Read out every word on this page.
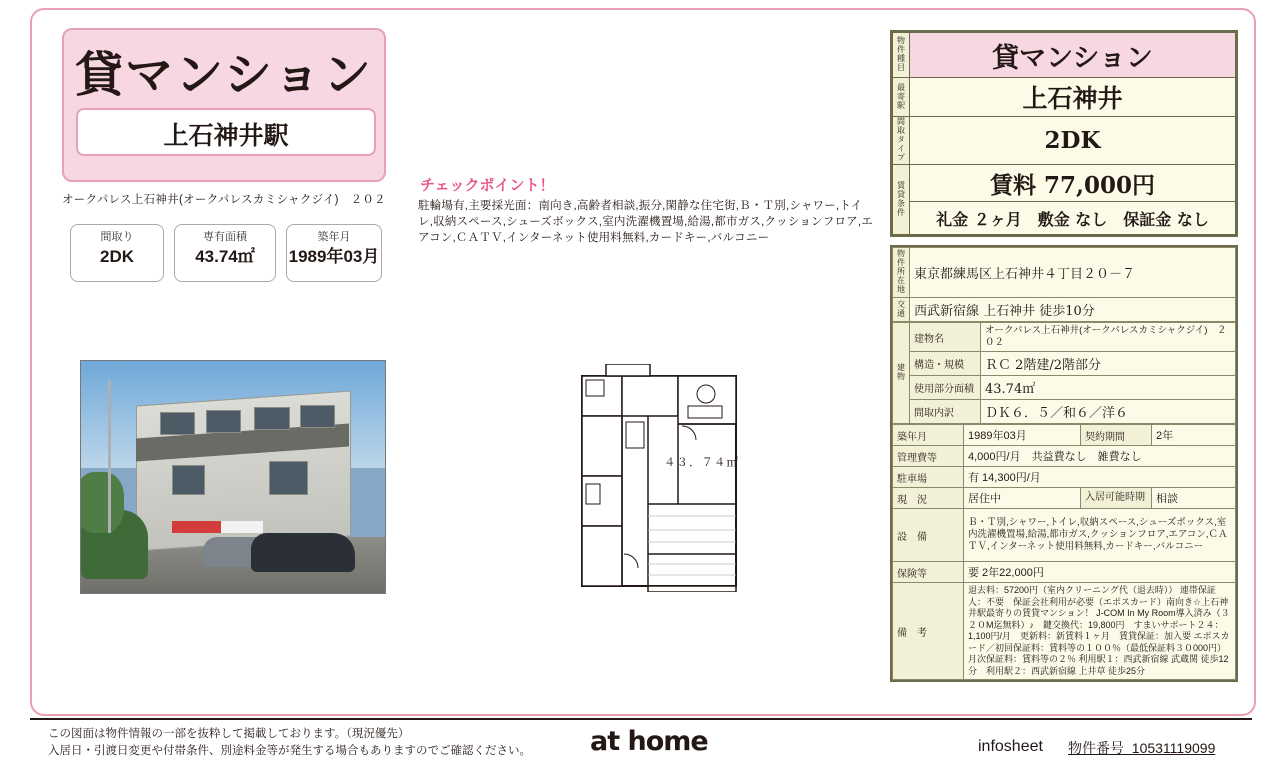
貸マンション
上石神井駅
オークパレス上石神井(オークパレスカミシャクジイ)　２０２
間取り
2DK
専有面積
43.74㎡
築年月
1989年03月
チェックポイント！
駐輪場有,主要採光面：南向き,高齢者相談,振分,閑静な住宅街,Ｂ・Ｔ別,シャワー,トイレ,収納スペース,シューズボックス,室内洗濯機置場,給湯,都市ガス,クッションフロア,エアコン,ＣＡＴＶ,インターネット使用料無料,カードキー,バルコニー
４３．７４㎡
物件種目	貸マンション
最寄駅	上石神井
間取タイプ	2DK
賃貸条件	賃料 77,000円
	礼金 ２ヶ月　敷金 なし　保証金 なし
物件所在地	東京都練馬区上石神井４丁目２０－７
交通	西武新宿線 上石神井 徒歩10分
建物	建物名	オークパレス上石神井(オークパレスカミシャクジイ)　２０２
	構造・規模	ＲＣ 2階建/2階部分
	使用部分面積	43.74㎡
	間取内訳	ＤＫ６．５／和６／洋６
築年月	1989年03月	契約期間	2年
管理費等	4,000円/月　共益費なし　雑費なし		
駐車場	有 14,300円/月		
現　況	居住中	入居可能時期	相談
設　備	Ｂ・Ｔ別,シャワー,トイレ,収納スペース,シューズボックス,室内洗濯機置場,給湯,都市ガス,クッションフロア,エアコン,ＣＡＴＶ,インターネット使用料無料,カードキー,バルコニー		
保険等	要 2年22,000円		
備　考	退去料：57200円（室内クリーニング代（退去時）） 連帯保証人：不要　保証会社利用が必要（エポスカード）南向き☆上石神井駅最寄りの賃貸マンション！ J-COM In My Room導入済み（３２０M迄無料）♪　鍵交換代：19,800円　すまいサポート２４：1,100円/月　更新料：新賃料１ヶ月　賃貸保証：加入要 エポスカード／初回保証料：賃料等の１００％（最低保証料３０000円）月次保証料：賃料等の２％ 利用駅１：西武新宿線 武蔵関 徒歩12分　利用駅２：西武新宿線 上井草 徒歩25分		
この図面は物件情報の一部を抜粋して掲載しております。（現況優先）
入居日・引渡日変更や付帯条件、別途料金等が発生する場合もありますのでご確認ください。 at home	infosheet 物件番号 10531119099
